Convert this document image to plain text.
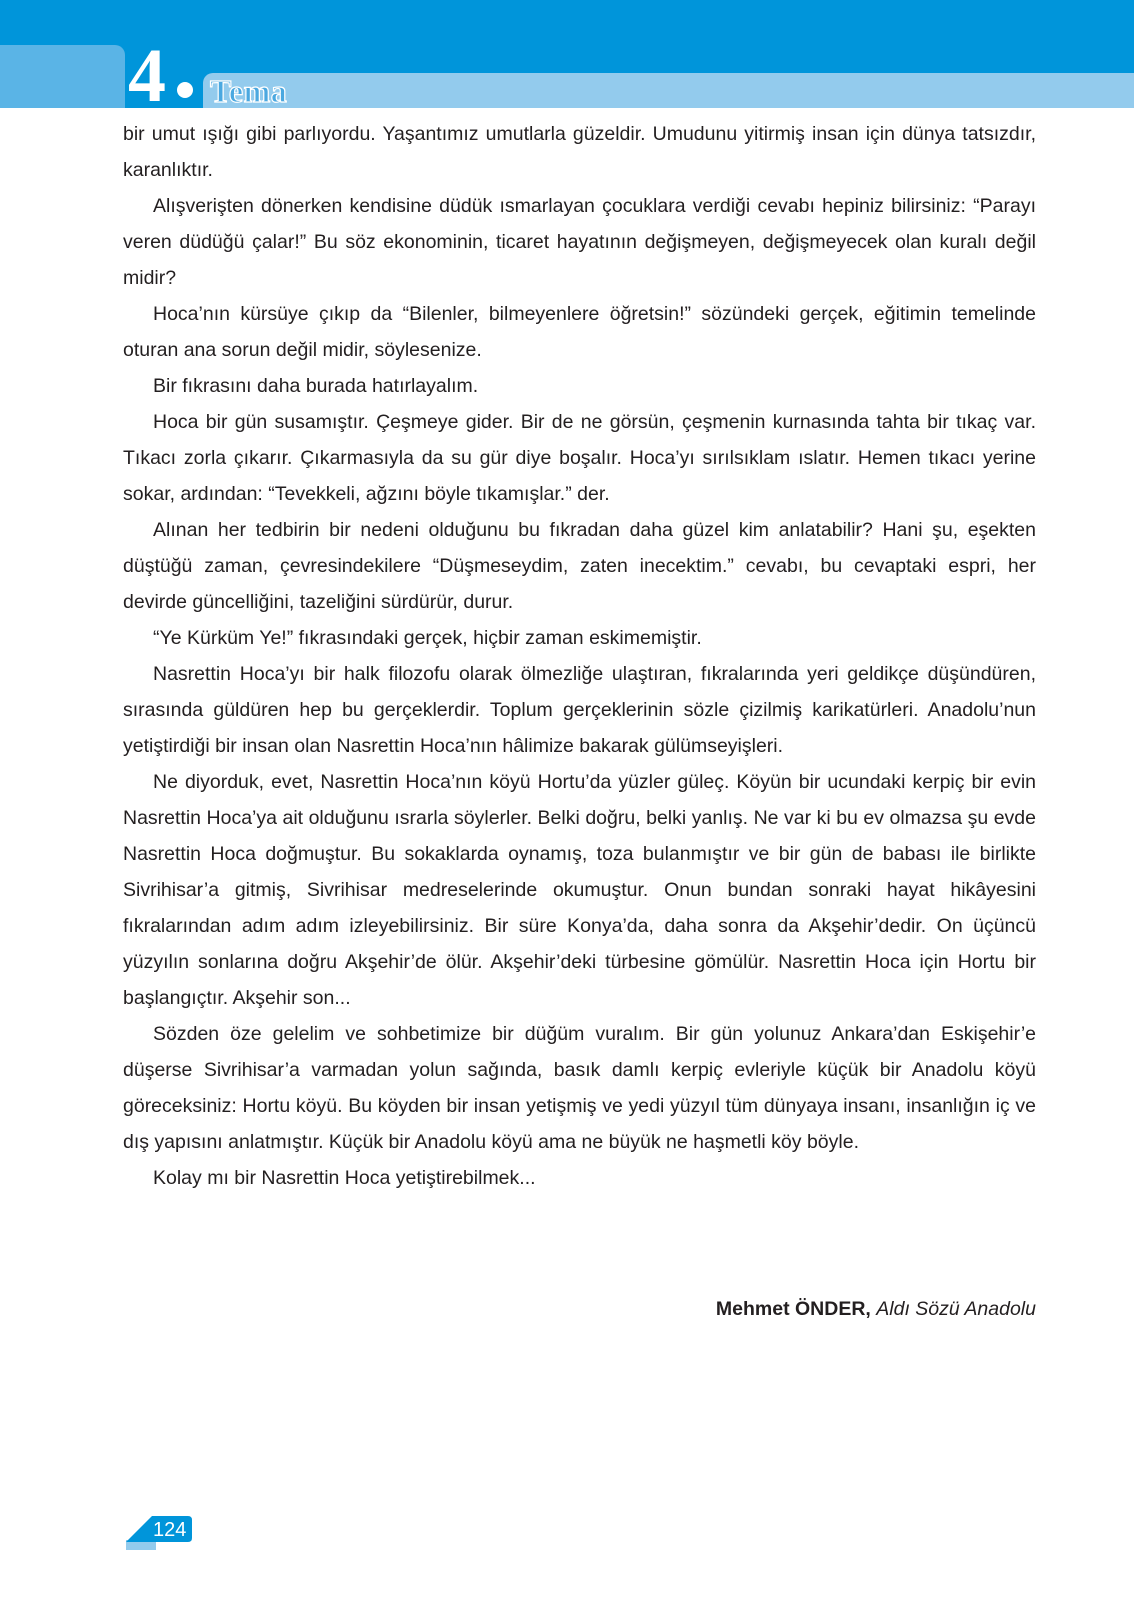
4 Tema

bir umut ışığı gibi parlıyordu. Yaşantımız umutlarla güzeldir. Umudunu yitirmiş insan için dünya tatsızdır, karanlıktır.

Alışverişten dönerken kendisine düdük ısmarlayan çocuklara verdiği cevabı hepiniz bilirsiniz: “Parayı veren düdüğü çalar!” Bu söz ekonominin, ticaret hayatının değişmeyen, değişmeyecek olan kuralı değil midir?

Hoca’nın kürsüye çıkıp da “Bilenler, bilmeyenlere öğretsin!” sözündeki gerçek, eğitimin temelinde oturan ana sorun değil midir, söylesenize.

Bir fıkrasını daha burada hatırlayalım.

Hoca bir gün susamıştır. Çeşmeye gider. Bir de ne görsün, çeşmenin kurnasında tahta bir tıkaç var. Tıkacı zorla çıkarır. Çıkarmasıyla da su gür diye boşalır. Hoca’yı sırılsıklam ıslatır. Hemen tıkacı yerine sokar, ardından: “Tevekkeli, ağzını böyle tıkamışlar.” der.

Alınan her tedbirin bir nedeni olduğunu bu fıkradan daha güzel kim anlatabilir? Hani şu, eşekten düştüğü zaman, çevresindekilere “Düşmeseydim, zaten inecektim.” cevabı, bu cevaptaki espri, her devirde güncelliğini, tazeliğini sürdürür, durur.

“Ye Kürküm Ye!” fıkrasındaki gerçek, hiçbir zaman eskimemiştir.

Nasrettin Hoca’yı bir halk filozofu olarak ölmezliğe ulaştıran, fıkralarında yeri geldikçe düşündüren, sırasında güldüren hep bu gerçeklerdir. Toplum gerçeklerinin sözle çizilmiş karikatürleri. Anadolu’nun yetiştirdiği bir insan olan Nasrettin Hoca’nın hâlimize bakarak gülümseyişleri.

Ne diyorduk, evet, Nasrettin Hoca’nın köyü Hortu’da yüzler güleç. Köyün bir ucundaki kerpiç bir evin Nasrettin Hoca’ya ait olduğunu ısrarla söylerler. Belki doğru, belki yanlış. Ne var ki bu ev olmazsa şu evde Nasrettin Hoca doğmuştur. Bu sokaklarda oynamış, toza bulanmıştır ve bir gün de babası ile birlikte Sivrihisar’a gitmiş, Sivrihisar medreselerinde okumuştur. Onun bundan sonraki hayat hikâyesini fıkralarından adım adım izleyebilirsiniz. Bir süre Konya’da, daha sonra da Akşehir’dedir. On üçüncü yüzyılın sonlarına doğru Akşehir’de ölür. Akşehir’deki türbesine gömülür. Nasrettin Hoca için Hortu bir başlangıçtır. Akşehir son...

Sözden öze gelelim ve sohbetimize bir düğüm vuralım. Bir gün yolunuz Ankara’dan Eskişehir’e düşerse Sivrihisar’a varmadan yolun sağında, basık damlı kerpiç evleriyle küçük bir Anadolu köyü göreceksiniz: Hortu köyü. Bu köyden bir insan yetişmiş ve yedi yüzyıl tüm dünyaya insanı, insanlığın iç ve dış yapısını anlatmıştır. Küçük bir Anadolu köyü ama ne büyük ne haşmetli köy böyle.

Kolay mı bir Nasrettin Hoca yetiştirebilmek...

Mehmet ÖNDER, Aldı Sözü Anadolu
124
